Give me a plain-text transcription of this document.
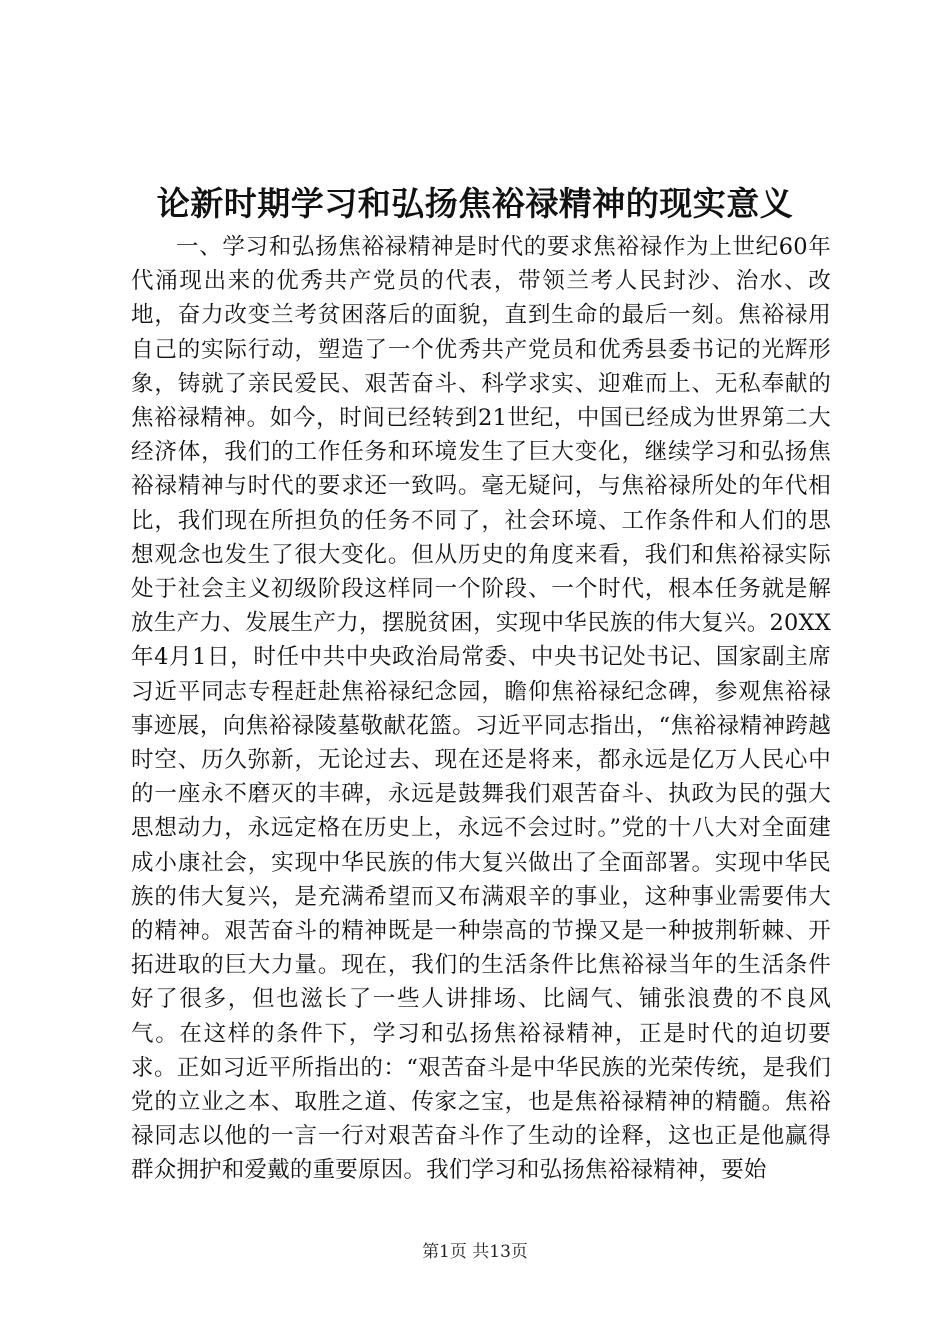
论新时期学习和弘扬焦裕禄精神的现实意义

一、学习和弘扬焦裕禄精神是时代的要求焦裕禄作为上世纪60年代涌现出来的优秀共产党员的代表，带领兰考人民封沙、治水、改地，奋力改变兰考贫困落后的面貌，直到生命的最后一刻。焦裕禄用自己的实际行动，塑造了一个优秀共产党员和优秀县委书记的光辉形象，铸就了亲民爱民、艰苦奋斗、科学求实、迎难而上、无私奉献的焦裕禄精神。如今，时间已经转到21世纪，中国已经成为世界第二大经济体，我们的工作任务和环境发生了巨大变化，继续学习和弘扬焦裕禄精神与时代的要求还一致吗。毫无疑问，与焦裕禄所处的年代相比，我们现在所担负的任务不同了，社会环境、工作条件和人们的思想观念也发生了很大变化。但从历史的角度来看，我们和焦裕禄实际处于社会主义初级阶段这样同一个阶段、一个时代，根本任务就是解放生产力、发展生产力，摆脱贫困，实现中华民族的伟大复兴。20XX年4月1日，时任中共中央政治局常委、中央书记处书记、国家副主席习近平同志专程赶赴焦裕禄纪念园，瞻仰焦裕禄纪念碑，参观焦裕禄事迹展，向焦裕禄陵墓敬献花篮。习近平同志指出，“焦裕禄精神跨越时空、历久弥新，无论过去、现在还是将来，都永远是亿万人民心中的一座永不磨灭的丰碑，永远是鼓舞我们艰苦奋斗、执政为民的强大思想动力，永远定格在历史上，永远不会过时。”党的十八大对全面建成小康社会，实现中华民族的伟大复兴做出了全面部署。实现中华民族的伟大复兴，是充满希望而又布满艰辛的事业，这种事业需要伟大的精神。艰苦奋斗的精神既是一种崇高的节操又是一种披荆斩棘、开拓进取的巨大力量。现在，我们的生活条件比焦裕禄当年的生活条件好了很多，但也滋长了一些人讲排场、比阔气、铺张浪费的不良风气。在这样的条件下，学习和弘扬焦裕禄精神，正是时代的迫切要求。正如习近平所指出的：“艰苦奋斗是中华民族的光荣传统，是我们党的立业之本、取胜之道、传家之宝，也是焦裕禄精神的精髓。焦裕禄同志以他的一言一行对艰苦奋斗作了生动的诠释，这也正是他赢得群众拥护和爱戴的重要原因。我们学习和弘扬焦裕禄精神，要始

第1页 共13页
